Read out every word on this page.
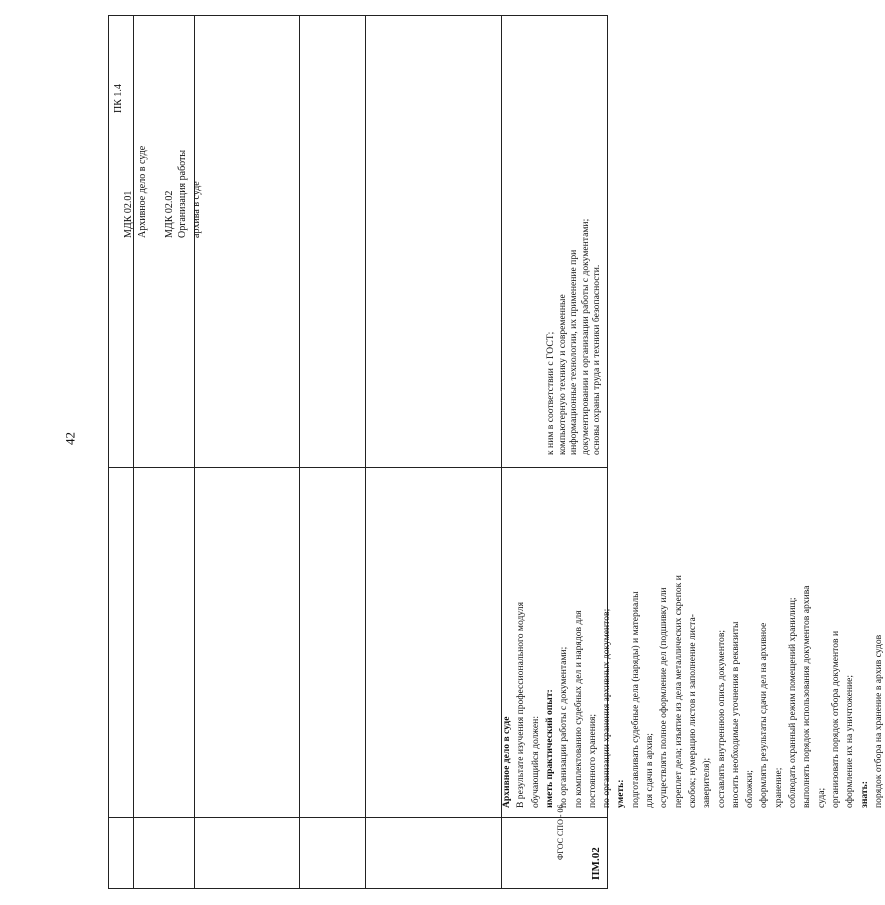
42
ПМ.02
к ним в соответствии с ГОСТ; компьютерную технику и современные информационные технологии, их применение при документировании и организации работы с документами; основы охраны труда и техники безопасности.
Архивное дело в суде В результате изучения профессионального модуля обучающийся должен: иметь практический опыт: по организации работы с документами; по комплектованию судебных дел и нарядов для постоянного хранения; по организации хранения архивных документов; уметь: подготавливать судебные дела (наряды) и материалы для сдачи в архив; осуществлять полное оформление дел (подшивку или переплет дела; изъятие из дела металлических скрепок и скобок; нумерацию листов и заполнение листа- заверителя); составлять внутреннюю опись документов; вносить необходимые уточнения в реквизиты обложки; оформлять результаты сдачи дел на архивное хранение; соблюдать охранный режим помещений хранилищ; выполнять порядок использования документов архива суда; организовать порядок отбора документов и оформление их на уничтожение; знать: порядок отбора на хранение в архив судов
МДК 02.01 Архивное дело в суде МДК 02.02 Организация работы архива в суде
ПК 1.4
ФГОС СПО - 06
